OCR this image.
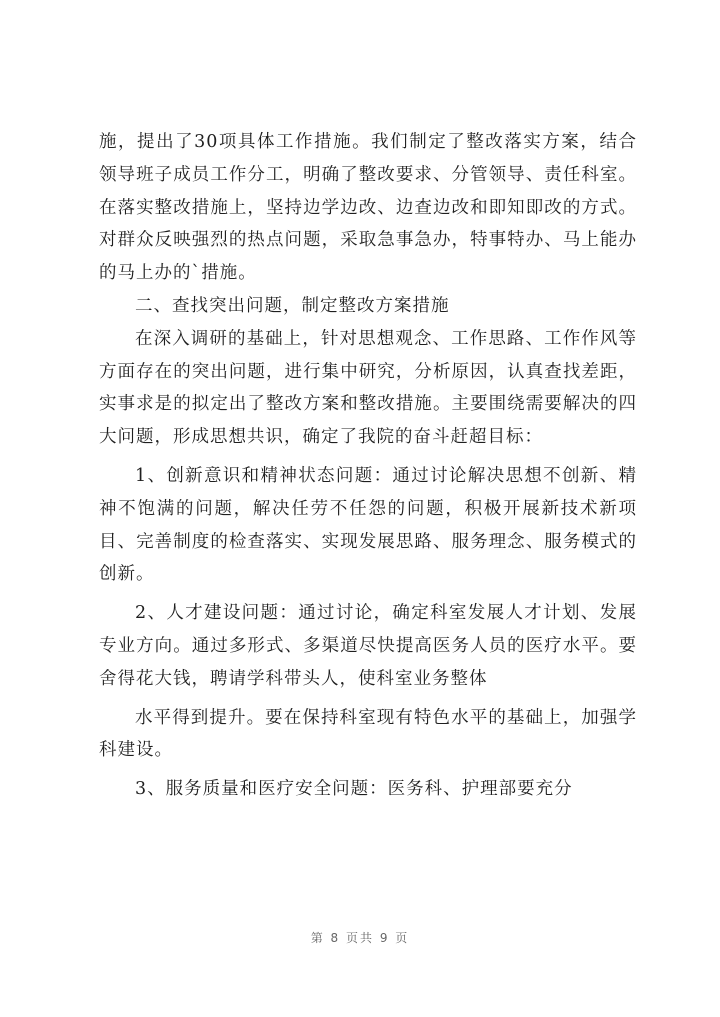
施，提出了30项具体工作措施。我们制定了整改落实方案，结合领导班子成员工作分工，明确了整改要求、分管领导、责任科室。在落实整改措施上，坚持边学边改、边查边改和即知即改的方式。对群众反映强烈的热点问题，采取急事急办，特事特办、马上能办的马上办的`措施。

二、查找突出问题，制定整改方案措施

在深入调研的基础上，针对思想观念、工作思路、工作作风等方面存在的突出问题，进行集中研究，分析原因，认真查找差距，实事求是的拟定出了整改方案和整改措施。主要围绕需要解决的四大问题，形成思想共识，确定了我院的奋斗赶超目标：

1、创新意识和精神状态问题：通过讨论解决思想不创新、精神不饱满的问题，解决任劳不任怨的问题，积极开展新技术新项目、完善制度的检查落实、实现发展思路、服务理念、服务模式的创新。

2、人才建设问题：通过讨论，确定科室发展人才计划、发展专业方向。通过多形式、多渠道尽快提高医务人员的医疗水平。要舍得花大钱，聘请学科带头人，使科室业务整体

水平得到提升。要在保持科室现有特色水平的基础上，加强学科建设。

3、服务质量和医疗安全问题：医务科、护理部要充分

第 8 页共 9 页
